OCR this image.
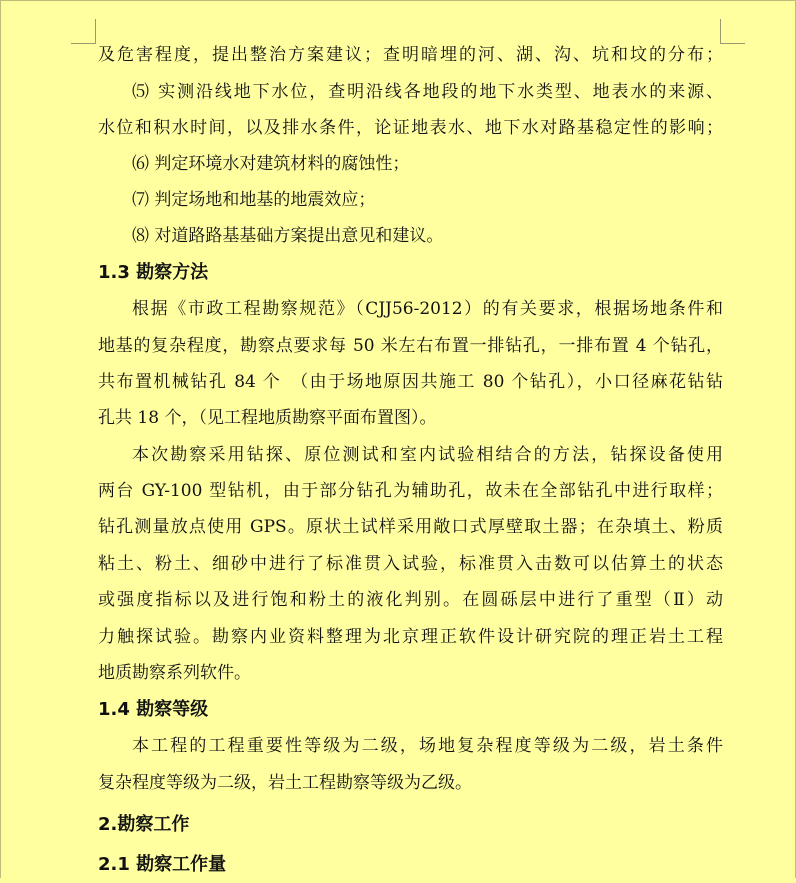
及危害程度，提出整治方案建议；查明暗埋的河、湖、沟、坑和坟的分布；
⑸ 实测沿线地下水位，查明沿线各地段的地下水类型、地表水的来源、
水位和积水时间，以及排水条件，论证地表水、地下水对路基稳定性的影响；
⑹ 判定环境水对建筑材料的腐蚀性；
⑺ 判定场地和地基的地震效应；
⑻ 对道路路基基础方案提出意见和建议。
1.3 勘察方法
根据《市政工程勘察规范》（CJJ56-2012）的有关要求，根据场地条件和
地基的复杂程度，勘察点要求每 50 米左右布置一排钻孔，一排布置 4 个钻孔，
共布置机械钻孔 84 个　（由于场地原因共施工 80 个钻孔），小口径麻花钻钻
孔共 18 个，（见工程地质勘察平面布置图）。
本次勘察采用钻探、原位测试和室内试验相结合的方法，钻探设备使用
两台 GY-100 型钻机，由于部分钻孔为辅助孔，故未在全部钻孔中进行取样；
钻孔测量放点使用 GPS。原状土试样采用敞口式厚壁取土器；在杂填土、粉质
粘土、粉土、细砂中进行了标准贯入试验，标准贯入击数可以估算土的状态
或强度指标以及进行饱和粉土的液化判别。在圆砾层中进行了重型（Ⅱ）动
力触探试验。勘察内业资料整理为北京理正软件设计研究院的理正岩土工程
地质勘察系列软件。
1.4 勘察等级
本工程的工程重要性等级为二级，场地复杂程度等级为二级，岩土条件
复杂程度等级为二级，岩土工程勘察等级为乙级。
2.勘察工作
2.1 勘察工作量
